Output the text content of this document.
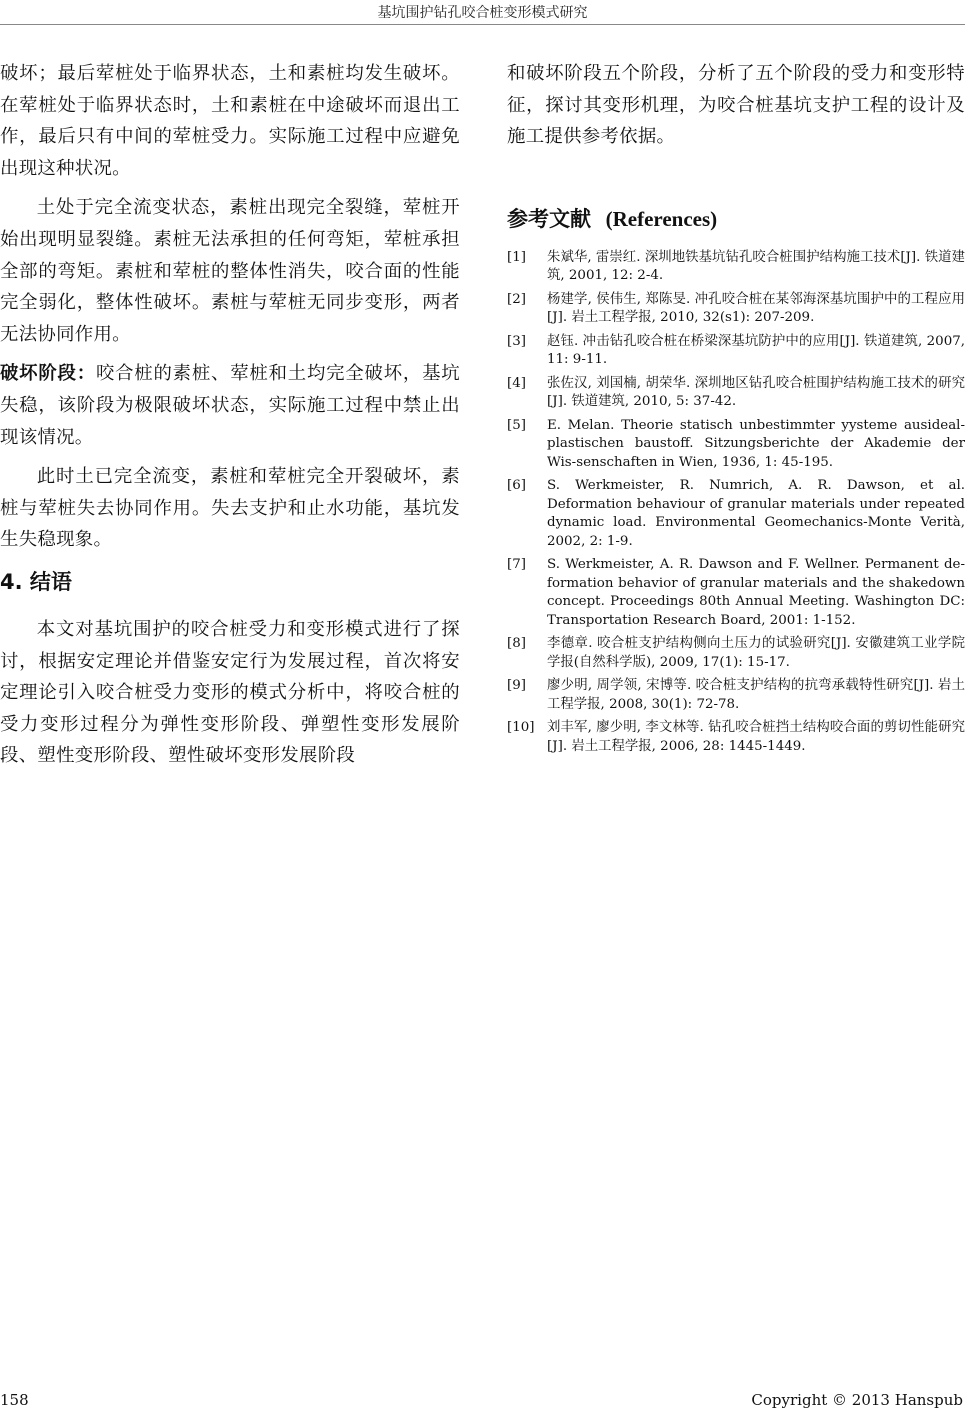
基坑围护钻孔咬合桩变形模式研究

破坏；最后荤桩处于临界状态，土和素桩均发生破坏。在荤桩处于临界状态时，土和素桩在中途破坏而退出工作，最后只有中间的荤桩受力。实际施工过程中应避免出现这种状况。

土处于完全流变状态，素桩出现完全裂缝，荤桩开始出现明显裂缝。素桩无法承担的任何弯矩，荤桩承担全部的弯矩。素桩和荤桩的整体性消失，咬合面的性能完全弱化，整体性破坏。素桩与荤桩无同步变形，两者无法协同作用。

破坏阶段：咬合桩的素桩、荤桩和土均完全破坏，基坑失稳，该阶段为极限破坏状态，实际施工过程中禁止出现该情况。

此时土已完全流变，素桩和荤桩完全开裂破坏，素桩与荤桩失去协同作用。失去支护和止水功能，基坑发生失稳现象。

4. 结语

本文对基坑围护的咬合桩受力和变形模式进行了探讨，根据安定理论并借鉴安定行为发展过程，首次将安定理论引入咬合桩受力变形的模式分析中，将咬合桩的受力变形过程分为弹性变形阶段、弹塑性变形发展阶段、塑性变形阶段、塑性破坏变形发展阶段

和破坏阶段五个阶段，分析了五个阶段的受力和变形特征，探讨其变形机理，为咬合桩基坑支护工程的设计及施工提供参考依据。

参考文献 (References)
[1]	朱斌华, 雷崇红. 深圳地铁基坑钻孔咬合桩围护结构施工技术[J]. 铁道建筑, 2001, 12: 2-4.
[2]	杨建学, 侯伟生, 郑陈旻. 冲孔咬合桩在某邻海深基坑围护中的工程应用[J]. 岩土工程学报, 2010, 32(s1): 207-209.
[3]	赵钰. 冲击钻孔咬合桩在桥梁深基坑防护中的应用[J]. 铁道建筑, 2007, 11: 9-11.
[4]	张佐汉, 刘国楠, 胡荣华. 深圳地区钻孔咬合桩围护结构施工技术的研究[J]. 铁道建筑, 2010, 5: 37-42.
[5]	E. Melan. Theorie statisch unbestimmter yysteme ausideal-plastischen baustoff. Sitzungsberichte der Akademie der Wis-senschaften in Wien, 1936, 1: 45-195.
[6]	S. Werkmeister, R. Numrich, A. R. Dawson, et al. Deformation behaviour of granular materials under repeated dynamic load. Environmental Geomechanics-Monte Verità, 2002, 2: 1-9.
[7]	S. Werkmeister, A. R. Dawson and F. Wellner. Permanent de-formation behavior of granular materials and the shakedown concept. Proceedings 80th Annual Meeting. Washington DC: Transportation Research Board, 2001: 1-152.
[8]	李德章. 咬合桩支护结构侧向土压力的试验研究[J]. 安徽建筑工业学院学报(自然科学版), 2009, 17(1): 15-17.
[9]	廖少明, 周学领, 宋博等. 咬合桩支护结构的抗弯承载特性研究[J]. 岩土工程学报, 2008, 30(1): 72-78.
[10] 刘丰军, 廖少明, 李文林等. 钻孔咬合桩挡土结构咬合面的剪切性能研究[J]. 岩土工程学报, 2006, 28: 1445-1449.
158	Copyright © 2013 Hanspub
